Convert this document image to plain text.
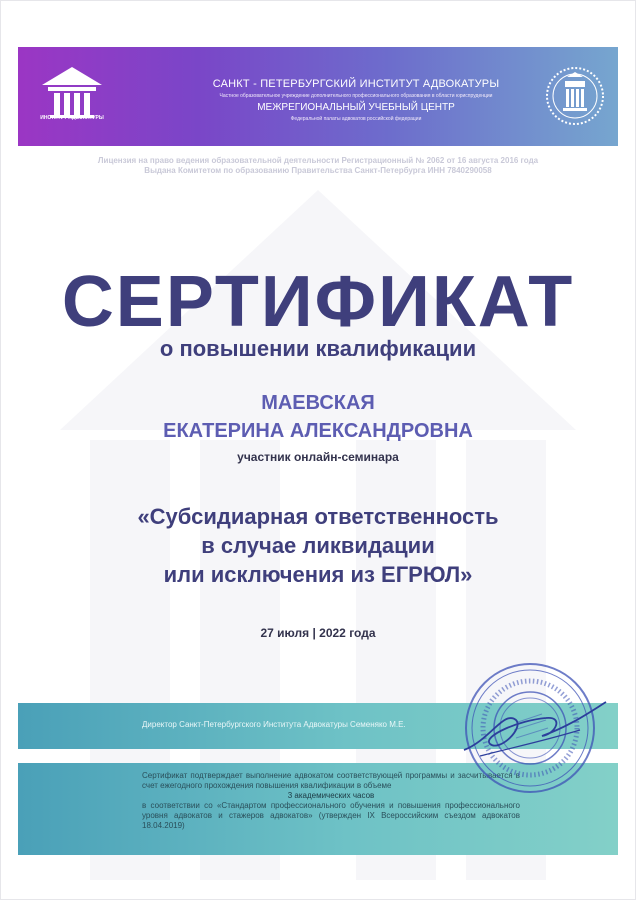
ИНСТИТУТ АДВОКАТУРЫ
САНКТ - ПЕТЕРБУРГСКИЙ ИНСТИТУТ АДВОКАТУРЫ
Частное образовательное учреждение дополнительного профессионального образования в области юриспруденции
МЕЖРЕГИОНАЛЬНЫЙ УЧЕБНЫЙ ЦЕНТР
Федеральной палаты адвокатов российской федерации
Лицензия на право ведения образовательной деятельности Регистрационный № 2062 от 16 августа 2016 года
Выдана Комитетом по образованию Правительства Санкт-Петербурга ИНН 7840290058
СЕРТИФИКАТ
о повышении квалификации
МАЕВСКАЯ
ЕКАТЕРИНА АЛЕКСАНДРОВНА
участник онлайн-семинара
«Субсидиарная ответственность
в случае ликвидации
или исключения из ЕГРЮЛ»
27 июля | 2022 года
Директор Санкт-Петербургского Института Адвокатуры Семеняко М.Е.
Сертификат подтверждает выполнение адвокатом соответствующей программы и засчитывается в счет ежегодного прохождения повышения квалификации в объеме
3 академических часов
в соответствии со «Стандартом профессионального обучения и повышения профессионального уровня адвокатов и стажеров адвокатов» (утвержден IX Всероссийским съездом адвокатов 18.04.2019)
